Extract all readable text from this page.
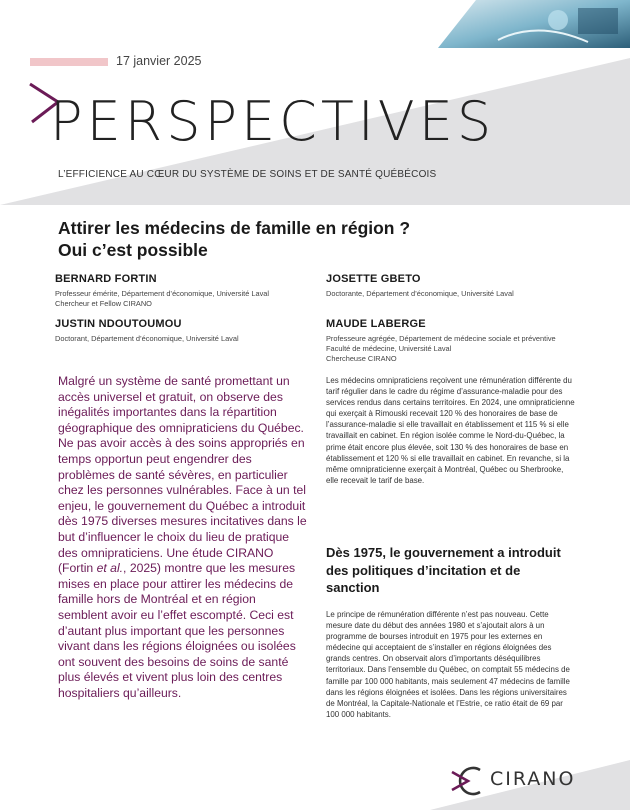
17 janvier 2025
PERSPECTIVES
L’EFFICIENCE AU CŒUR DU SYSTÈME DE SOINS ET DE SANTÉ QUÉBÉCOIS
Attirer les médecins de famille en région ?
Oui c’est possible
BERNARD FORTIN
Professeur émérite, Département d’économique, Université Laval
Chercheur et Fellow CIRANO
JOSETTE GBETO
Doctorante, Département d’économique, Université Laval
JUSTIN NDOUTOUMOU
Doctorant, Département d’économique, Université Laval
MAUDE LABERGE
Professeure agrégée, Département de médecine sociale et préventive
Faculté de médecine, Université Laval
Chercheuse CIRANO

Malgré un système de santé promettant un accès universel et gratuit, on observe des inégalités importantes dans la répartition géographique des omnipraticiens du Québec. Ne pas avoir accès à des soins appropriés en temps opportun peut engendrer des problèmes de santé sévères, en particulier chez les personnes vulnérables. Face à un tel enjeu, le gouvernement du Québec a introduit dès 1975 diverses mesures incitatives dans le but d’influencer le choix du lieu de pratique des omnipraticiens. Une étude CIRANO (Fortin et al., 2025) montre que les mesures mises en place pour attirer les médecins de famille hors de Montréal et en région semblent avoir eu l’effet escompté. Ceci est d’autant plus important que les personnes vivant dans les régions éloignées ou isolées ont souvent des besoins de soins de santé plus élevés et vivent plus loin des centres hospitaliers qu’ailleurs.

Les médecins omnipraticiens reçoivent une rémunération différente du tarif régulier dans le cadre du régime d’assurance-maladie pour des services rendus dans certains territoires. En 2024, une omnipraticienne qui exerçait à Rimouski recevait 120 % des honoraires de base de l’assurance-maladie si elle travaillait en établissement et 115 % si elle travaillait en cabinet. En région isolée comme le Nord-du-Québec, la prime était encore plus élevée, soit 130 % des honoraires de base en établissement et 120 % si elle travaillait en cabinet. En revanche, si la même omnipraticienne exerçait à Montréal, Québec ou Sherbrooke, elle recevait le tarif de base.

Dès 1975, le gouvernement a introduit des politiques d’incitation et de sanction

Le principe de rémunération différente n’est pas nouveau. Cette mesure date du début des années 1980 et s’ajoutait alors à un programme de bourses introduit en 1975 pour les externes en médecine qui acceptaient de s’installer en régions éloignées des grands centres. On observait alors d’importants déséquilibres territoriaux. Dans l’ensemble du Québec, on comptait 55 médecins de famille par 100 000 habitants, mais seulement 47 médecins de famille dans les régions éloignées et isolées. Dans les régions universitaires de Montréal, la Capitale-Nationale et l’Estrie, ce ratio était de 69 par 100 000 habitants.

CIRANO
